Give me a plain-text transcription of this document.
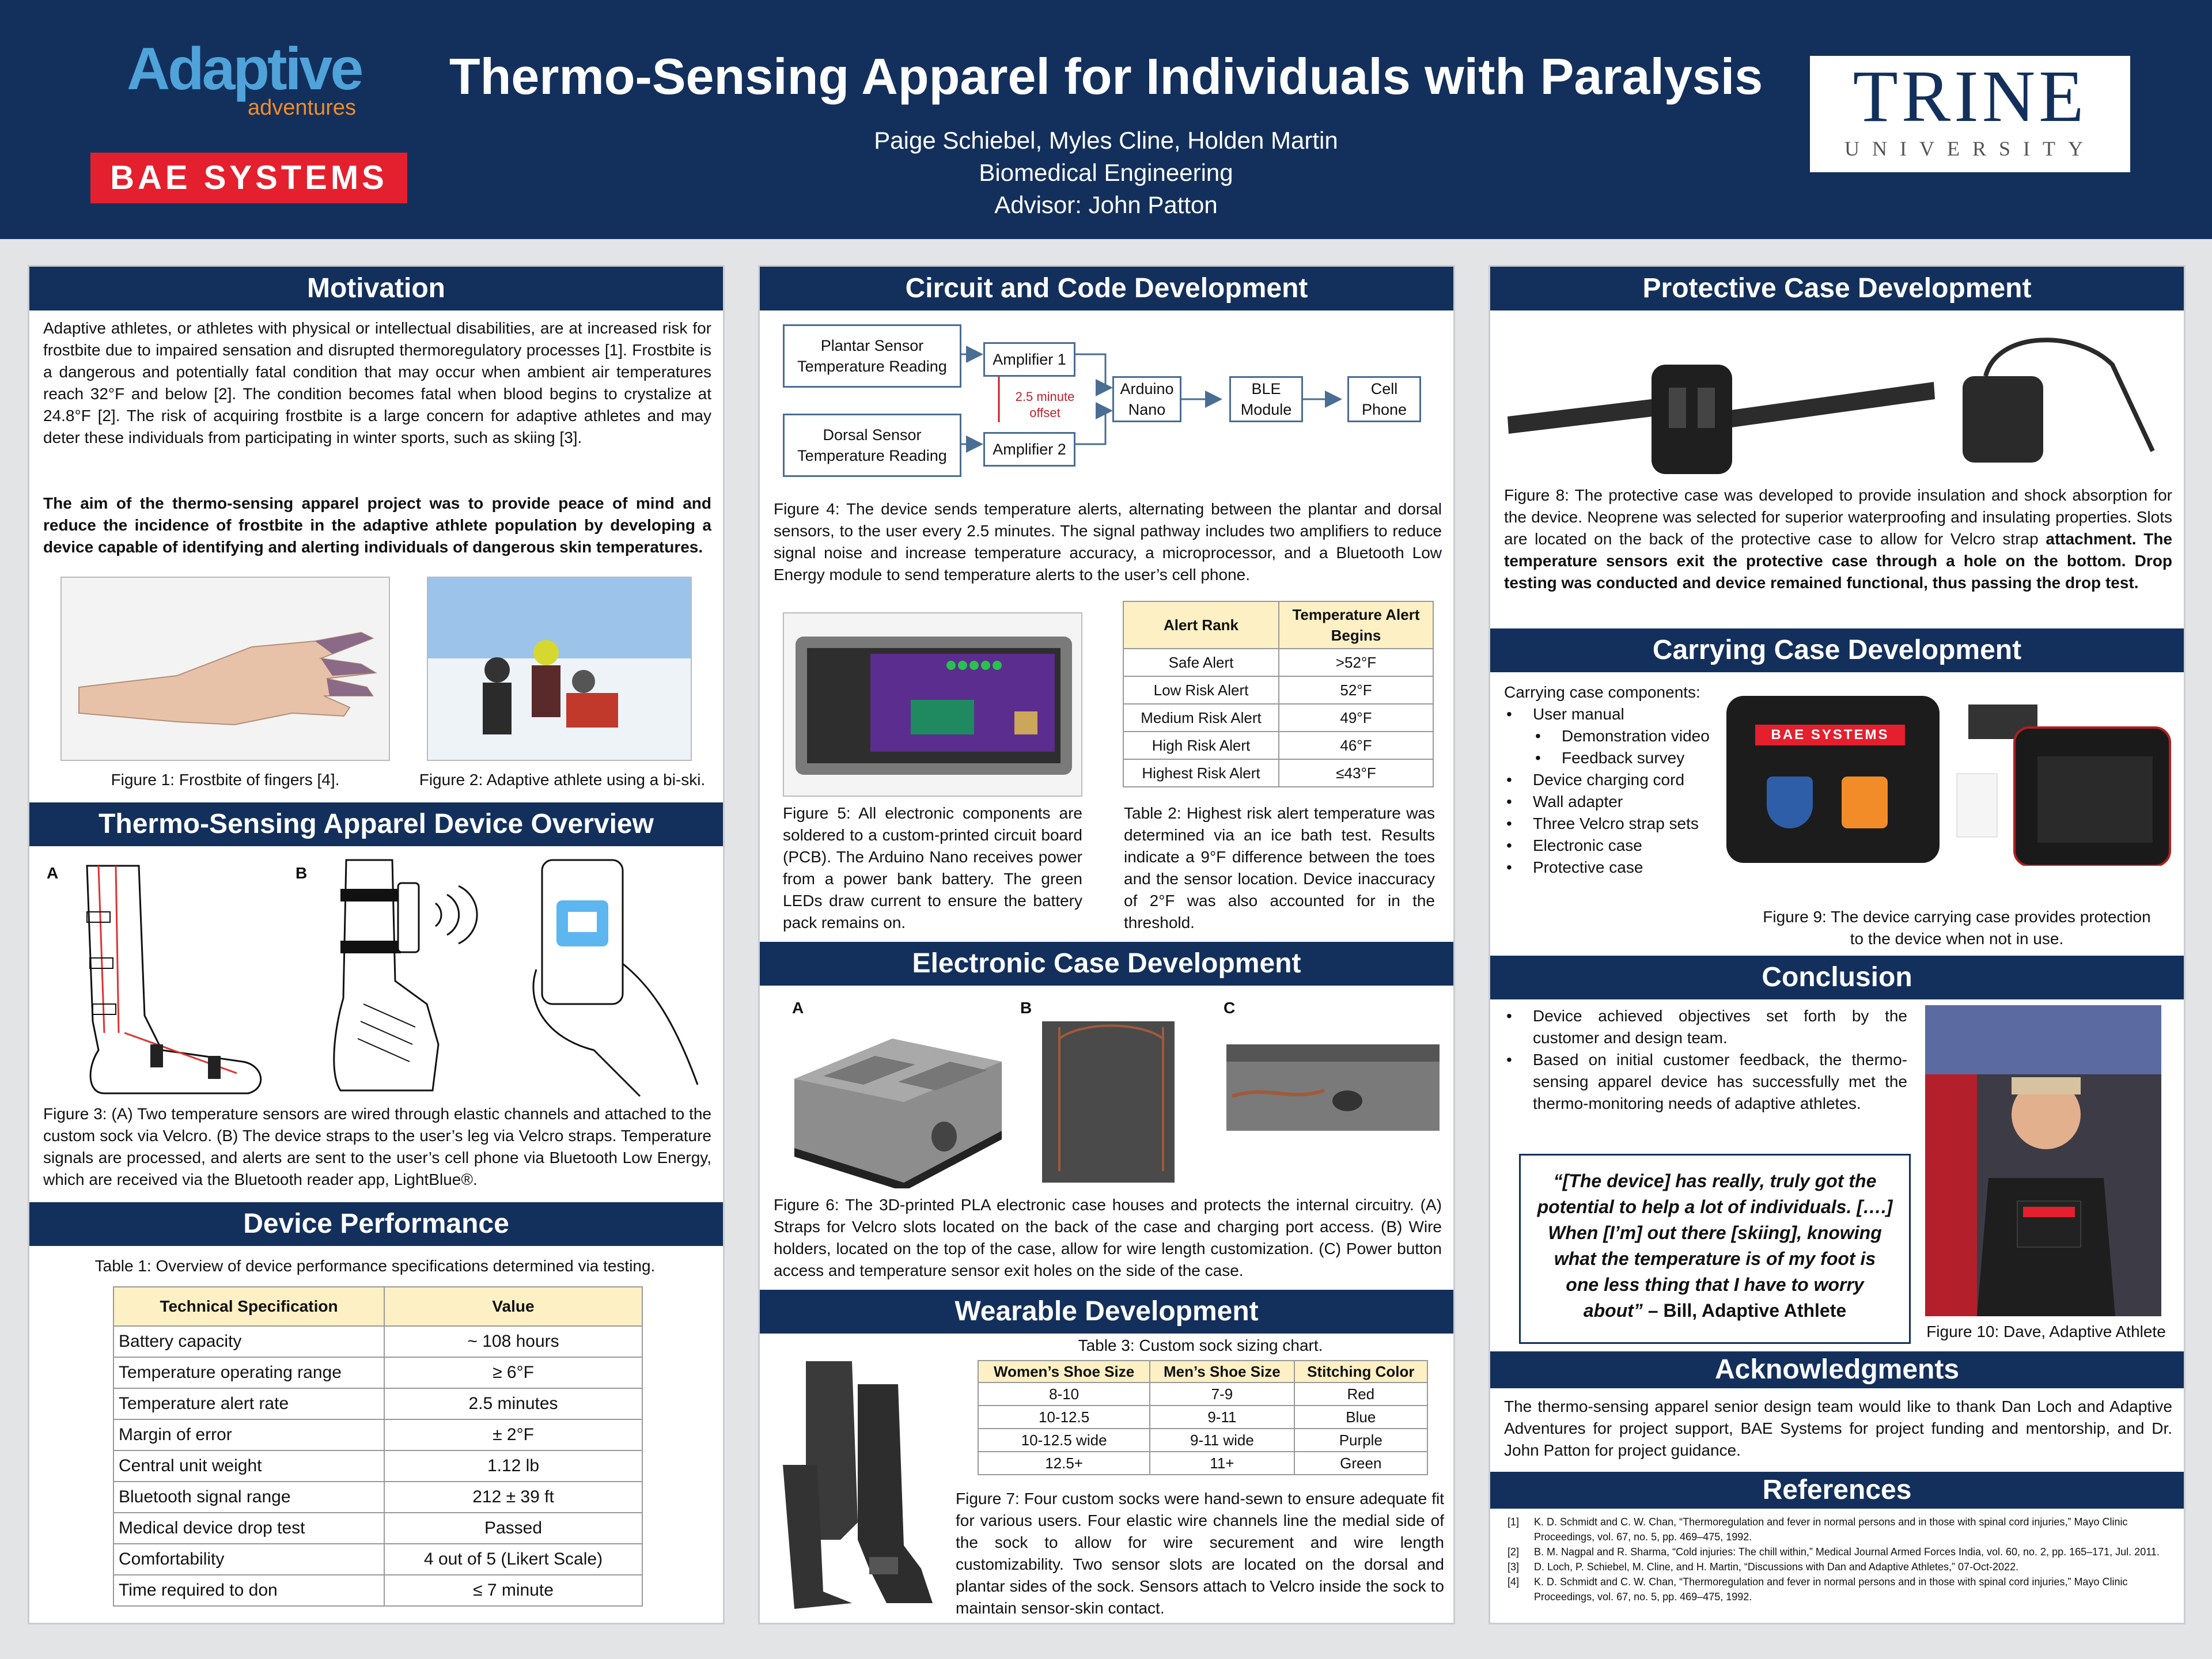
Adaptive
adventures
BAE SYSTEMS
Thermo-Sensing Apparel for Individuals with Paralysis
Paige Schiebel, Myles Cline, Holden Martin
Biomedical Engineering
Advisor: John Patton
TRINE
UNIVERSITY
Motivation
Adaptive athletes, or athletes with physical or intellectual disabilities, are at increased risk for frostbite due to impaired sensation and disrupted thermoregulatory processes [1]. Frostbite is a dangerous and potentially fatal condition that may occur when ambient air temperatures reach 32°F and below [2]. The condition becomes fatal when blood begins to crystalize at 24.8°F [2]. The risk of acquiring frostbite is a large concern for adaptive athletes and may deter these individuals from participating in winter sports, such as skiing [3].
The aim of the thermo-sensing apparel project was to provide peace of mind and reduce the incidence of frostbite in the adaptive athlete population by developing a device capable of identifying and alerting individuals of dangerous skin temperatures.
Figure 1: Frostbite of fingers [4].	Figure 2: Adaptive athlete using a bi-ski.
Thermo-Sensing Apparel Device Overview
A	B
Figure 3: (A) Two temperature sensors are wired through elastic channels and attached to the custom sock via Velcro. (B) The device straps to the user’s leg via Velcro straps. Temperature signals are processed, and alerts are sent to the user’s cell phone via Bluetooth Low Energy, which are received via the Bluetooth reader app, LightBlue®.
Device Performance
Table 1: Overview of device performance specifications determined via testing.
Technical Specification	Value
Battery capacity	~ 108 hours
Temperature operating range	≥ 6°F
Temperature alert rate	2.5 minutes
Margin of error	± 2°F
Central unit weight	1.12 lb
Bluetooth signal range	212 ± 39 ft
Medical device drop test	Passed
Comfortability	4 out of 5 (Likert Scale)
Time required to don	≤ 7 minute
Circuit and Code Development
Plantar Sensor Temperature Reading
Dorsal Sensor Temperature Reading
Amplifier 1
Amplifier 2
2.5 minute offset
Arduino Nano
BLE Module
Cell Phone
Figure 4: The device sends temperature alerts, alternating between the plantar and dorsal sensors, to the user every 2.5 minutes. The signal pathway includes two amplifiers to reduce signal noise and increase temperature accuracy, a microprocessor, and a Bluetooth Low Energy module to send temperature alerts to the user’s cell phone.
Figure 5: All electronic components are soldered to a custom-printed circuit board (PCB). The Arduino Nano receives power from a power bank battery. The green LEDs draw current to ensure the battery pack remains on.
Alert Rank	Temperature Alert Begins
Safe Alert	>52°F
Low Risk Alert	52°F
Medium Risk Alert	49°F
High Risk Alert	46°F
Highest Risk Alert	≤43°F
Table 2: Highest risk alert temperature was determined via an ice bath test. Results indicate a 9°F difference between the toes and the sensor location. Device inaccuracy of 2°F was also accounted for in the threshold.
Electronic Case Development
A	B	C
Figure 6: The 3D-printed PLA electronic case houses and protects the internal circuitry. (A) Straps for Velcro slots located on the back of the case and charging port access. (B) Wire holders, located on the top of the case, allow for wire length customization. (C) Power button access and temperature sensor exit holes on the side of the case.
Wearable Development
Table 3: Custom sock sizing chart.
Women’s Shoe Size	Men’s Shoe Size	Stitching Color
8-10	7-9	Red
10-12.5	9-11	Blue
10-12.5 wide	9-11 wide	Purple
12.5+	11+	Green
Figure 7: Four custom socks were hand-sewn to ensure adequate fit for various users. Four elastic wire channels line the medial side of the sock to allow for wire securement and wire length customizability. Two sensor slots are located on the dorsal and plantar sides of the sock. Sensors attach to Velcro inside the sock to maintain sensor-skin contact.
Protective Case Development
Figure 8: The protective case was developed to provide insulation and shock absorption for the device. Neoprene was selected for superior waterproofing and insulating properties. Slots are located on the back of the protective case to allow for Velcro strap attachment. The temperature sensors exit the protective case through a hole on the bottom. Drop testing was conducted and device remained functional, thus passing the drop test.
Carrying Case Development
Carrying case components:
• User manual
• Demonstration video
• Feedback survey
• Device charging cord
• Wall adapter
• Three Velcro strap sets
• Electronic case
• Protective case
BAE SYSTEMS
Figure 9: The device carrying case provides protection to the device when not in use.
Conclusion
• Device achieved objectives set forth by the customer and design team.
• Based on initial customer feedback, the thermo-sensing apparel device has successfully met the thermo-monitoring needs of adaptive athletes.
“[The device] has really, truly got the potential to help a lot of individuals. [….] When [I’m] out there [skiing], knowing what the temperature is of my foot is one less thing that I have to worry about” – Bill, Adaptive Athlete
Figure 10: Dave, Adaptive Athlete
Acknowledgments
The thermo-sensing apparel senior design team would like to thank Dan Loch and Adaptive Adventures for project support, BAE Systems for project funding and mentorship, and Dr. John Patton for project guidance.
References
[1] K. D. Schmidt and C. W. Chan, “Thermoregulation and fever in normal persons and in those with spinal cord injuries,” Mayo Clinic Proceedings, vol. 67, no. 5, pp. 469–475, 1992.
[2] B. M. Nagpal and R. Sharma, “Cold injuries: The chill within,” Medical Journal Armed Forces India, vol. 60, no. 2, pp. 165–171, Jul. 2011.
[3] D. Loch, P. Schiebel, M. Cline, and H. Martin, “Discussions with Dan and Adaptive Athletes,” 07-Oct-2022.
[4] K. D. Schmidt and C. W. Chan, “Thermoregulation and fever in normal persons and in those with spinal cord injuries,” Mayo Clinic Proceedings, vol. 67, no. 5, pp. 469–475, 1992.
